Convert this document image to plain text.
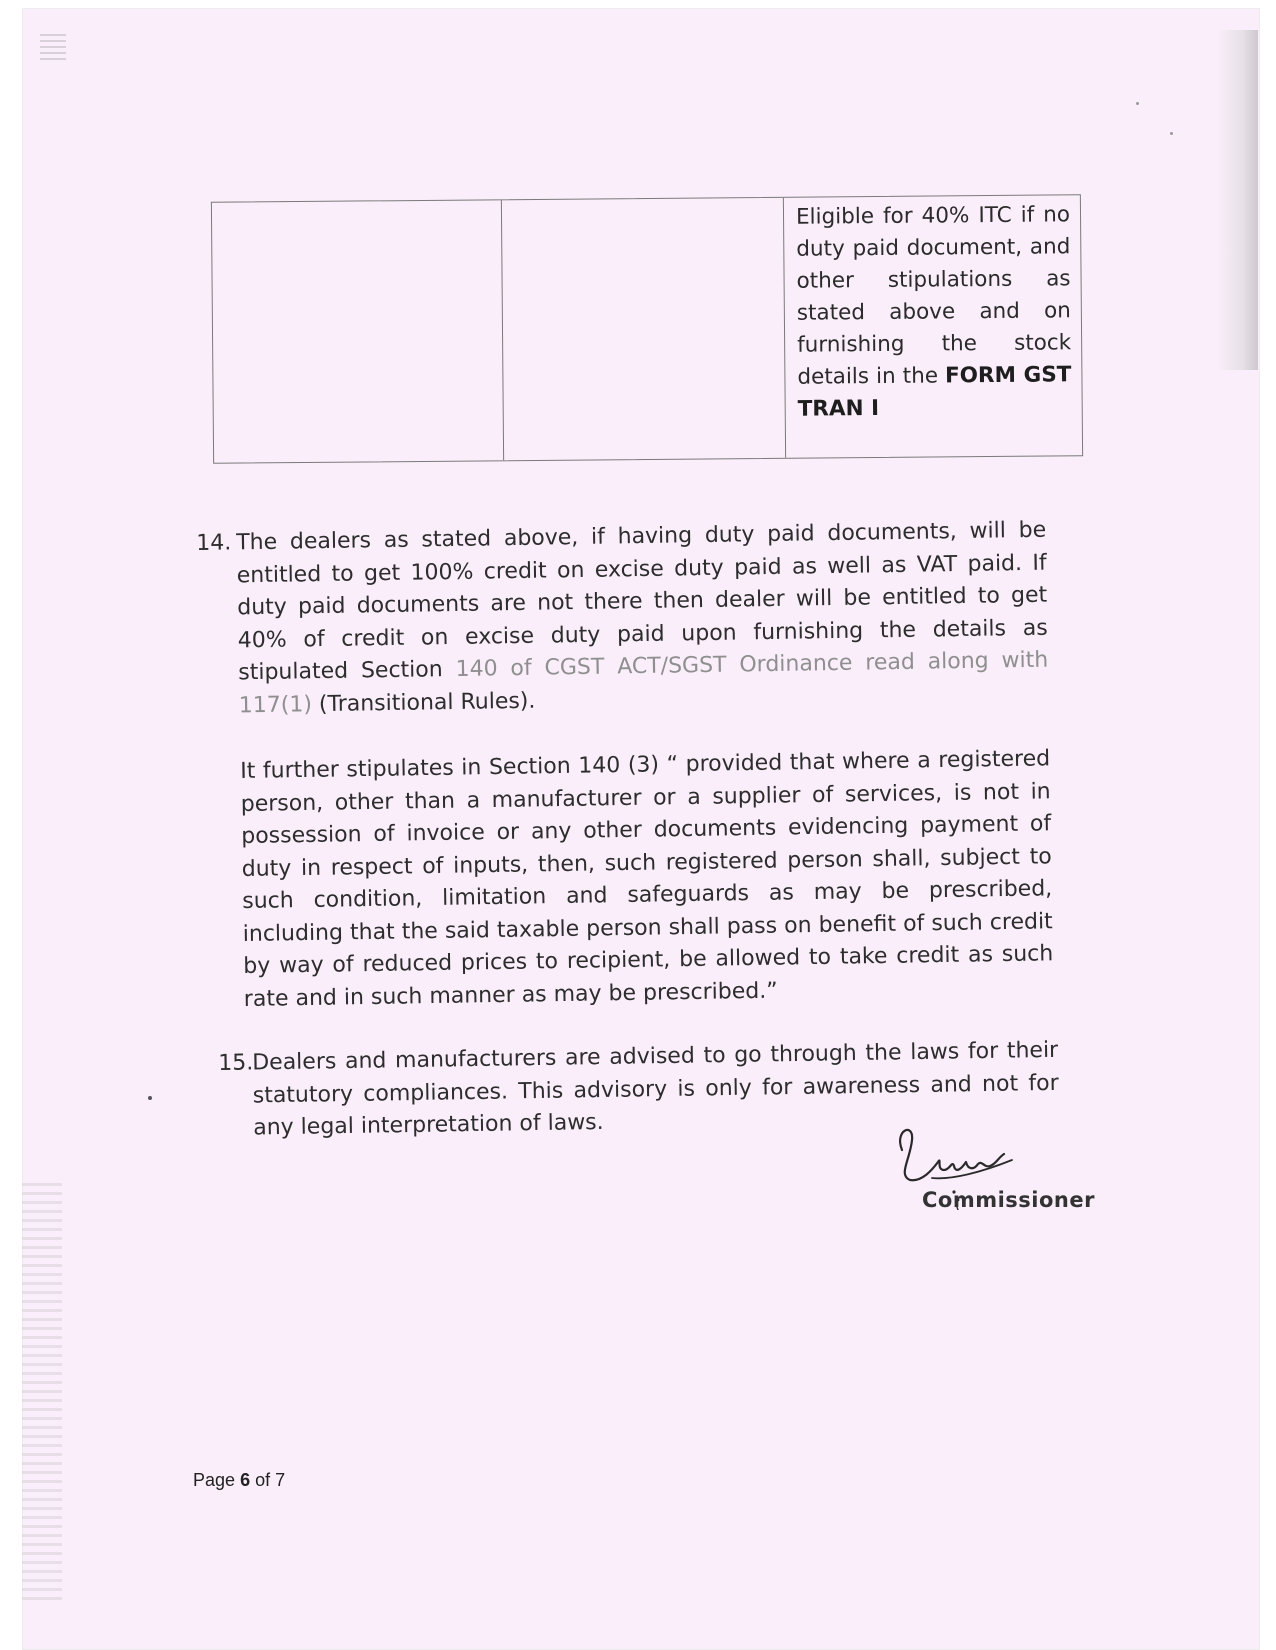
Eligible for 40% ITC if no duty paid document, and other stipulations as stated above and on furnishing the stock details in the FORM GST TRAN I
14. The dealers as stated above, if having duty paid documents, will be entitled to get 100% credit on excise duty paid as well as VAT paid. If duty paid documents are not there then dealer will be entitled to get 40% of credit on excise duty paid upon furnishing the details as stipulated Section 140 of CGST ACT/SGST Ordinance read along with 117(1) (Transitional Rules).
It further stipulates in Section 140 (3) “ provided that where a registered person, other than a manufacturer or a supplier of services, is not in possession of invoice or any other documents evidencing payment of duty in respect of inputs, then, such registered person shall, subject to such condition, limitation and safeguards as may be prescribed, including that the said taxable person shall pass on benefit of such credit by way of reduced prices to recipient, be allowed to take credit as such rate and in such manner as may be prescribed.”
15.
Dealers and manufacturers are advised to go through the laws for their statutory compliances. This advisory is only for awareness and not for any legal interpretation of laws.
Commissioner
Page 6 of 7
